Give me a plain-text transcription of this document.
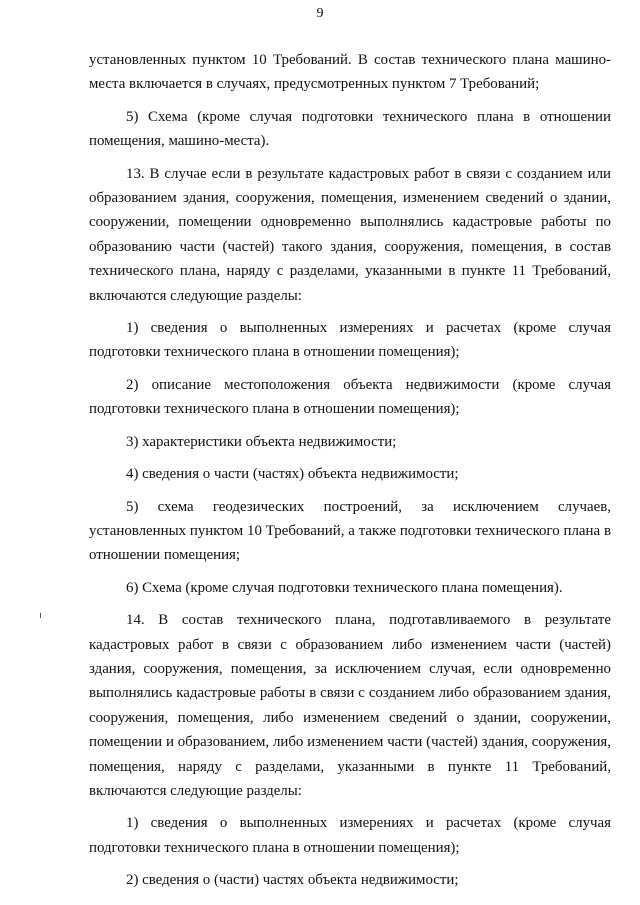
9

установленных пунктом 10 Требований. В состав технического плана машино-места включается в случаях, предусмотренных пунктом 7 Требований;

5) Схема (кроме случая подготовки технического плана в отношении помещения, машино-места).

13. В случае если в результате кадастровых работ в связи с созданием или образованием здания, сооружения, помещения, изменением сведений о здании, сооружении, помещении одновременно выполнялись кадастровые работы по образованию части (частей) такого здания, сооружения, помещения, в состав технического плана, наряду с разделами, указанными в пункте 11 Требований, включаются следующие разделы:

1) сведения о выполненных измерениях и расчетах (кроме случая подготовки технического плана в отношении помещения);

2) описание местоположения объекта недвижимости (кроме случая подготовки технического плана в отношении помещения);

3) характеристики объекта недвижимости;

4) сведения о части (частях) объекта недвижимости;

5) схема геодезических построений, за исключением случаев, установленных пунктом 10 Требований, а также подготовки технического плана в отношении помещения;

6) Схема (кроме случая подготовки технического плана помещения).

14. В состав технического плана, подготавливаемого в результате кадастровых работ в связи с образованием либо изменением части (частей) здания, сооружения, помещения, за исключением случая, если одновременно выполнялись кадастровые работы в связи с созданием либо образованием здания, сооружения, помещения, либо изменением сведений о здании, сооружении, помещении и образованием, либо изменением части (частей) здания, сооружения, помещения, наряду с разделами, указанными в пункте 11 Требований, включаются следующие разделы:

1) сведения о выполненных измерениях и расчетах (кроме случая подготовки технического плана в отношении помещения);

2) сведения о (части) частях объекта недвижимости;
